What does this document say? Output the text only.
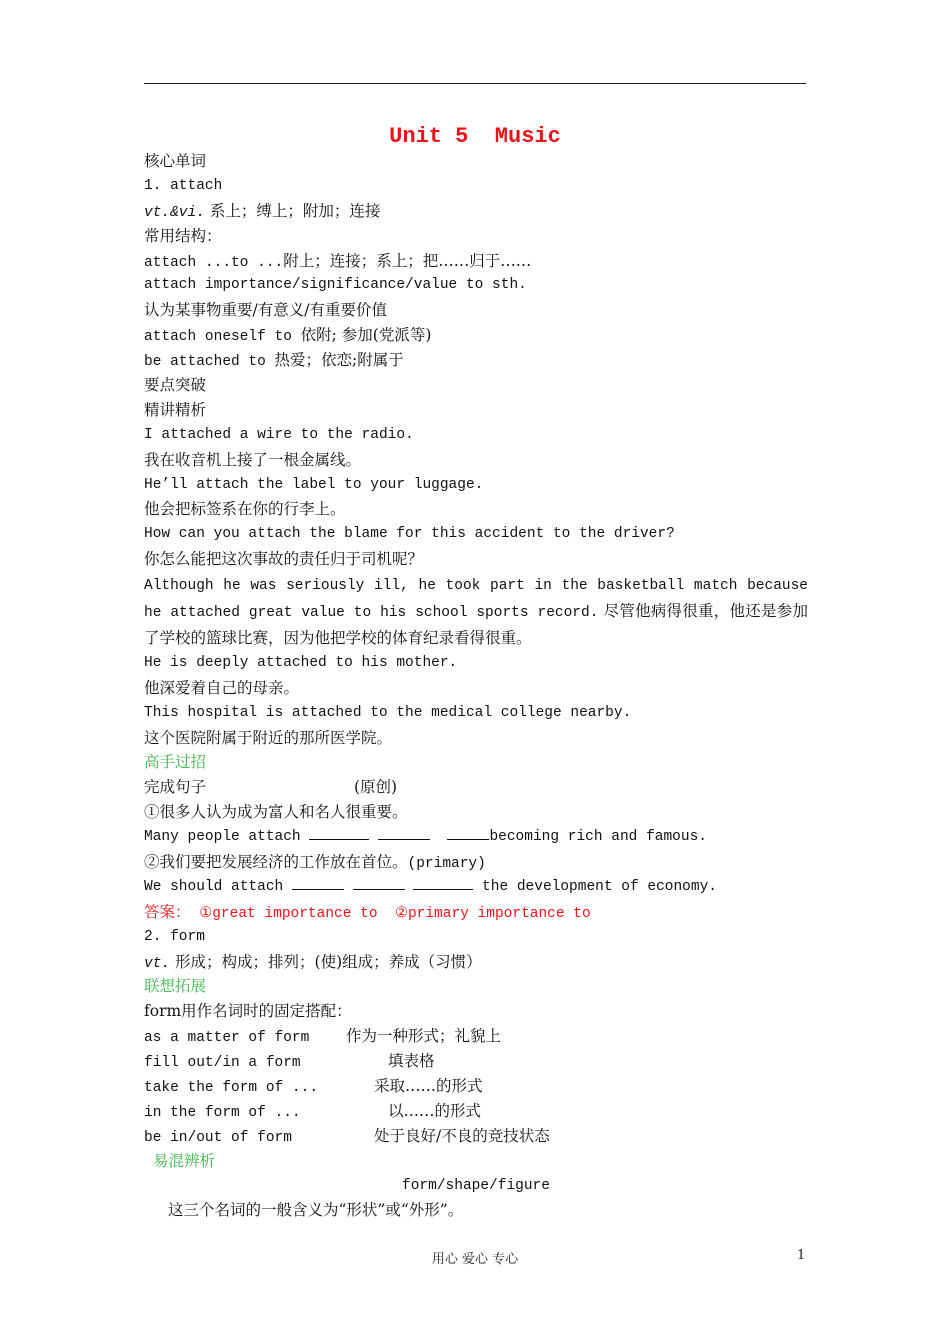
Unit 5  Music
核心单词
1. attach
vt.&vi. 系上；缚上；附加；连接
常用结构：
attach ...to ...附上；连接；系上；把……归于……
attach importance/significance/value to sth.
认为某事物重要/有意义/有重要价值
attach oneself to 依附; 参加(党派等)
be attached to 热爱；依恋;附属于
要点突破
精讲精析
I attached a wire to the radio.
我在收音机上接了一根金属线。
He’ll attach the label to your luggage.
他会把标签系在你的行李上。
How can you attach the blame for this accident to the driver?
你怎么能把这次事故的责任归于司机呢？
Although he was seriously ill, he took part in the basketball match because he attached great value to his school sports record. 尽管他病得很重，他还是参加了学校的篮球比赛，因为他把学校的体育纪录看得很重。
He is deeply attached to his mother.
他深爱着自己的母亲。
This hospital is attached to the medical college nearby.
这个医院附属于附近的那所医学院。
高手过招
完成句子	(原创)
①很多人认为成为富人和名人很重要。
Many people attach	becoming rich and famous.
②我们要把发展经济的工作放在首位。(primary)
We should attach	the development of economy.
答案： ①great importance to  ②primary importance to
2. form
vt. 形成；构成；排列；(使)组成；养成（习惯）
联想拓展
form用作名词时的固定搭配：
as a matter of form 作为一种形式；礼貌上
fill out/in a form	填表格
take the form of ...	采取……的形式
in the form of ...	以……的形式
be in/out of form	处于良好/不良的竞技状态
易混辨析
form/shape/figure
这三个名词的一般含义为“形状”或“外形”。
用心 爱心 专心	1
